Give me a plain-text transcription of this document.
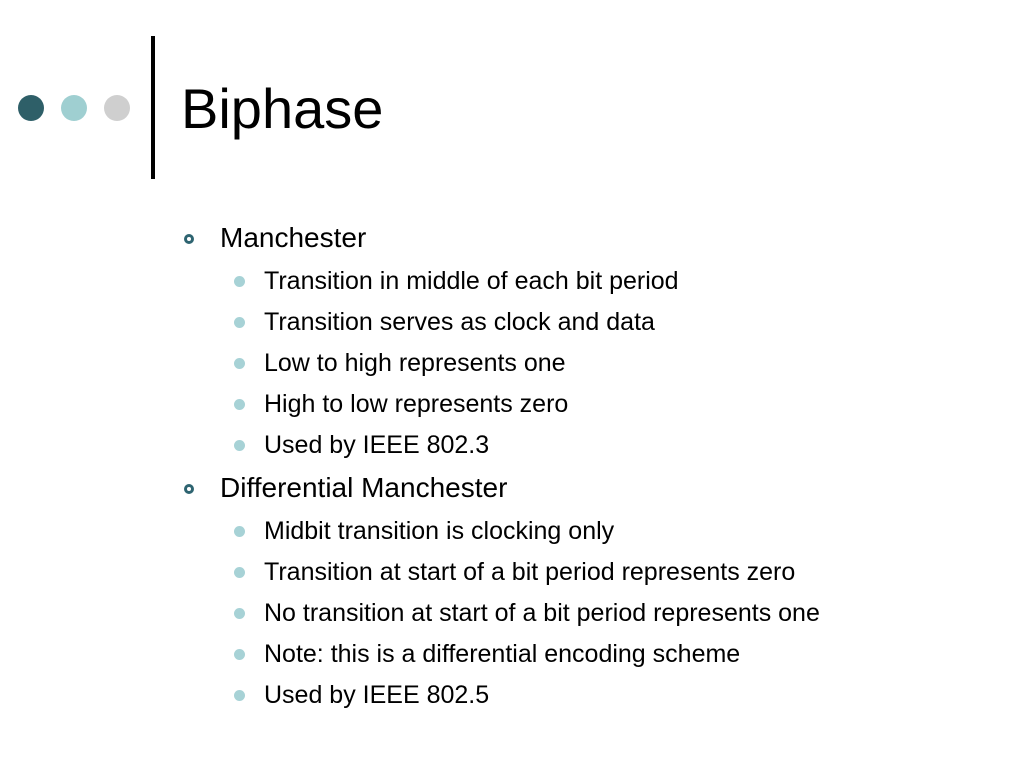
Biphase
Manchester
Transition in middle of each bit period
Transition serves as clock and data
Low to high represents one
High to low represents zero
Used by IEEE 802.3
Differential Manchester
Midbit transition is clocking only
Transition at start of a bit period represents zero
No transition at start of a bit period represents one
Note: this is a differential encoding scheme
Used by IEEE 802.5
